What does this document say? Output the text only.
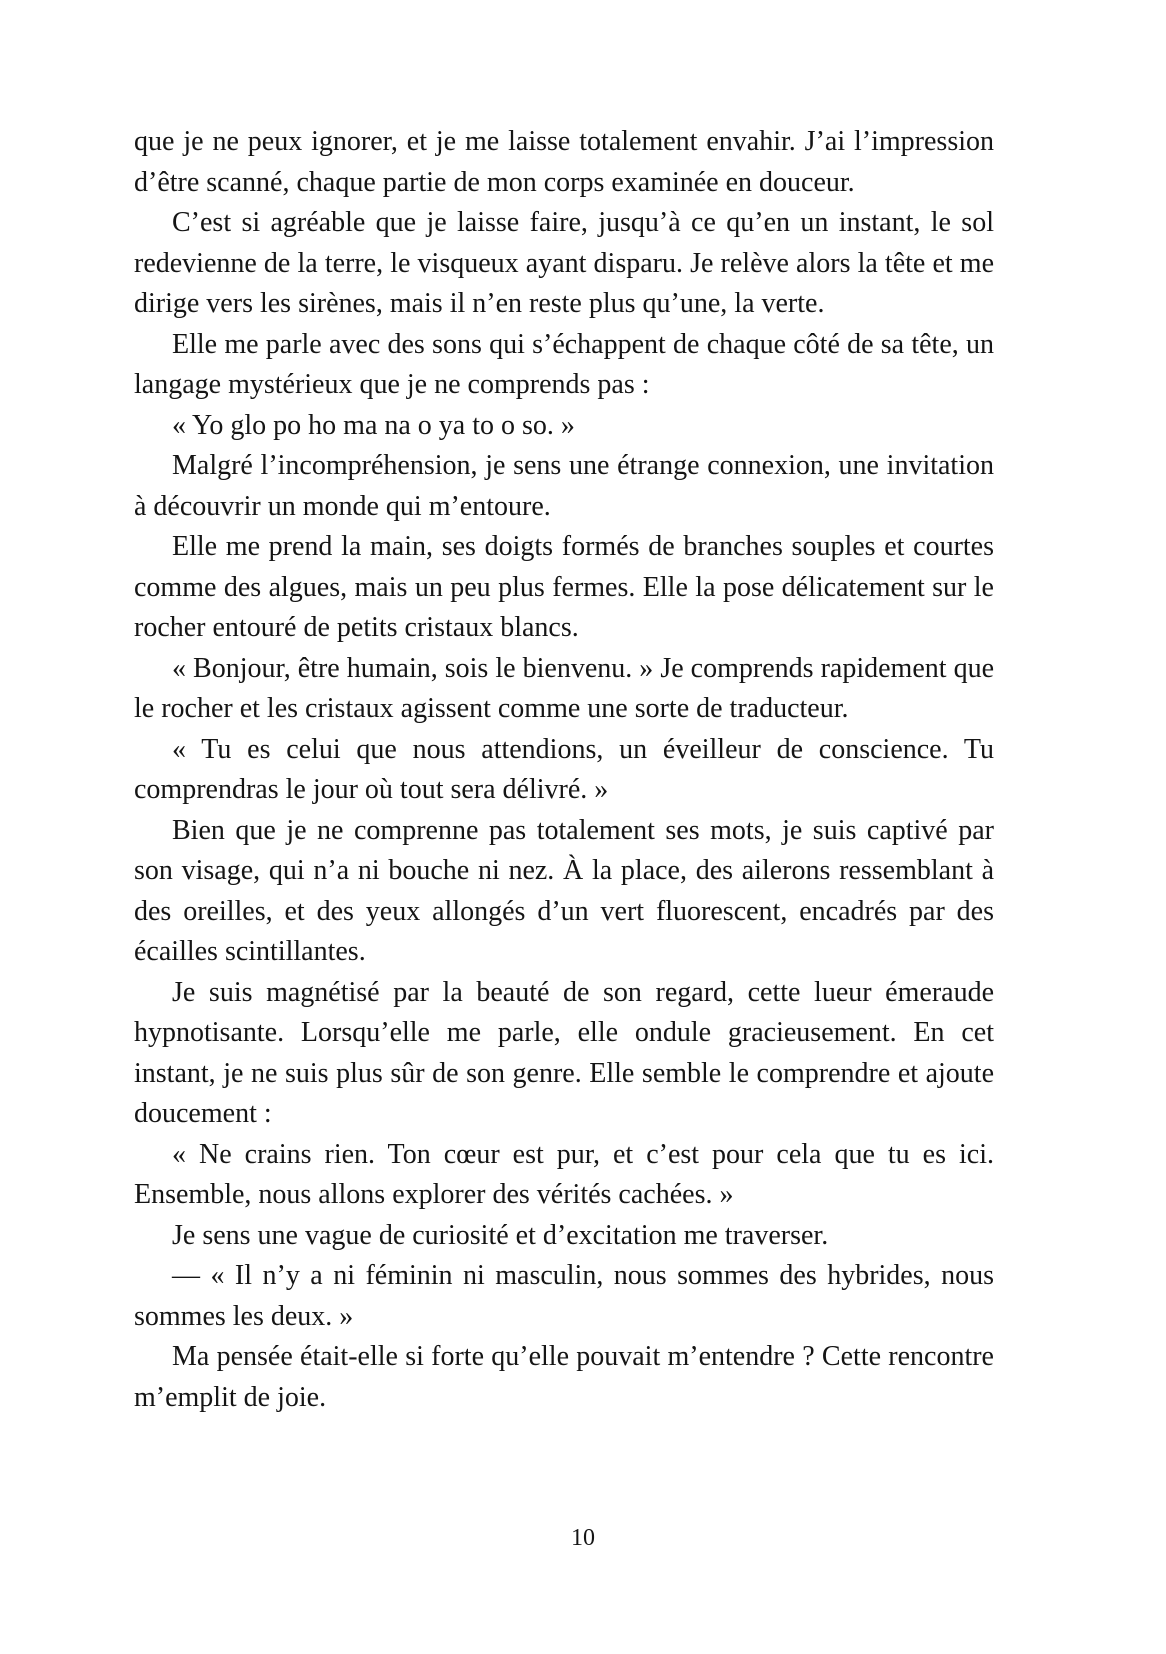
que je ne peux ignorer, et je me laisse totalement envahir. J’ai l’impression d’être scanné, chaque partie de mon corps examinée en douceur.

C’est si agréable que je laisse faire, jusqu’à ce qu’en un instant, le sol redevienne de la terre, le visqueux ayant disparu. Je relève alors la tête et me dirige vers les sirènes, mais il n’en reste plus qu’une, la verte.

Elle me parle avec des sons qui s’échappent de chaque côté de sa tête, un langage mystérieux que je ne comprends pas :

« Yo glo po ho ma na o ya to o so. »

Malgré l’incompréhension, je sens une étrange connexion, une invitation à découvrir un monde qui m’entoure.

Elle me prend la main, ses doigts formés de branches souples et courtes comme des algues, mais un peu plus fermes. Elle la pose délicatement sur le rocher entouré de petits cristaux blancs.

« Bonjour, être humain, sois le bienvenu. » Je comprends rapidement que le rocher et les cristaux agissent comme une sorte de traducteur.

« Tu es celui que nous attendions, un éveilleur de conscience. Tu comprendras le jour où tout sera délivré. »

Bien que je ne comprenne pas totalement ses mots, je suis captivé par son visage, qui n’a ni bouche ni nez. À la place, des ailerons ressemblant à des oreilles, et des yeux allongés d’un vert fluorescent, encadrés par des écailles scintillantes.

Je suis magnétisé par la beauté de son regard, cette lueur émeraude hypnotisante. Lorsqu’elle me parle, elle ondule gracieusement. En cet instant, je ne suis plus sûr de son genre. Elle semble le comprendre et ajoute doucement :

« Ne crains rien. Ton cœur est pur, et c’est pour cela que tu es ici. Ensemble, nous allons explorer des vérités cachées. »

Je sens une vague de curiosité et d’excitation me traverser.

— « Il n’y a ni féminin ni masculin, nous sommes des hybrides, nous sommes les deux. »

Ma pensée était-elle si forte qu’elle pouvait m’entendre ? Cette rencontre m’emplit de joie.

10
